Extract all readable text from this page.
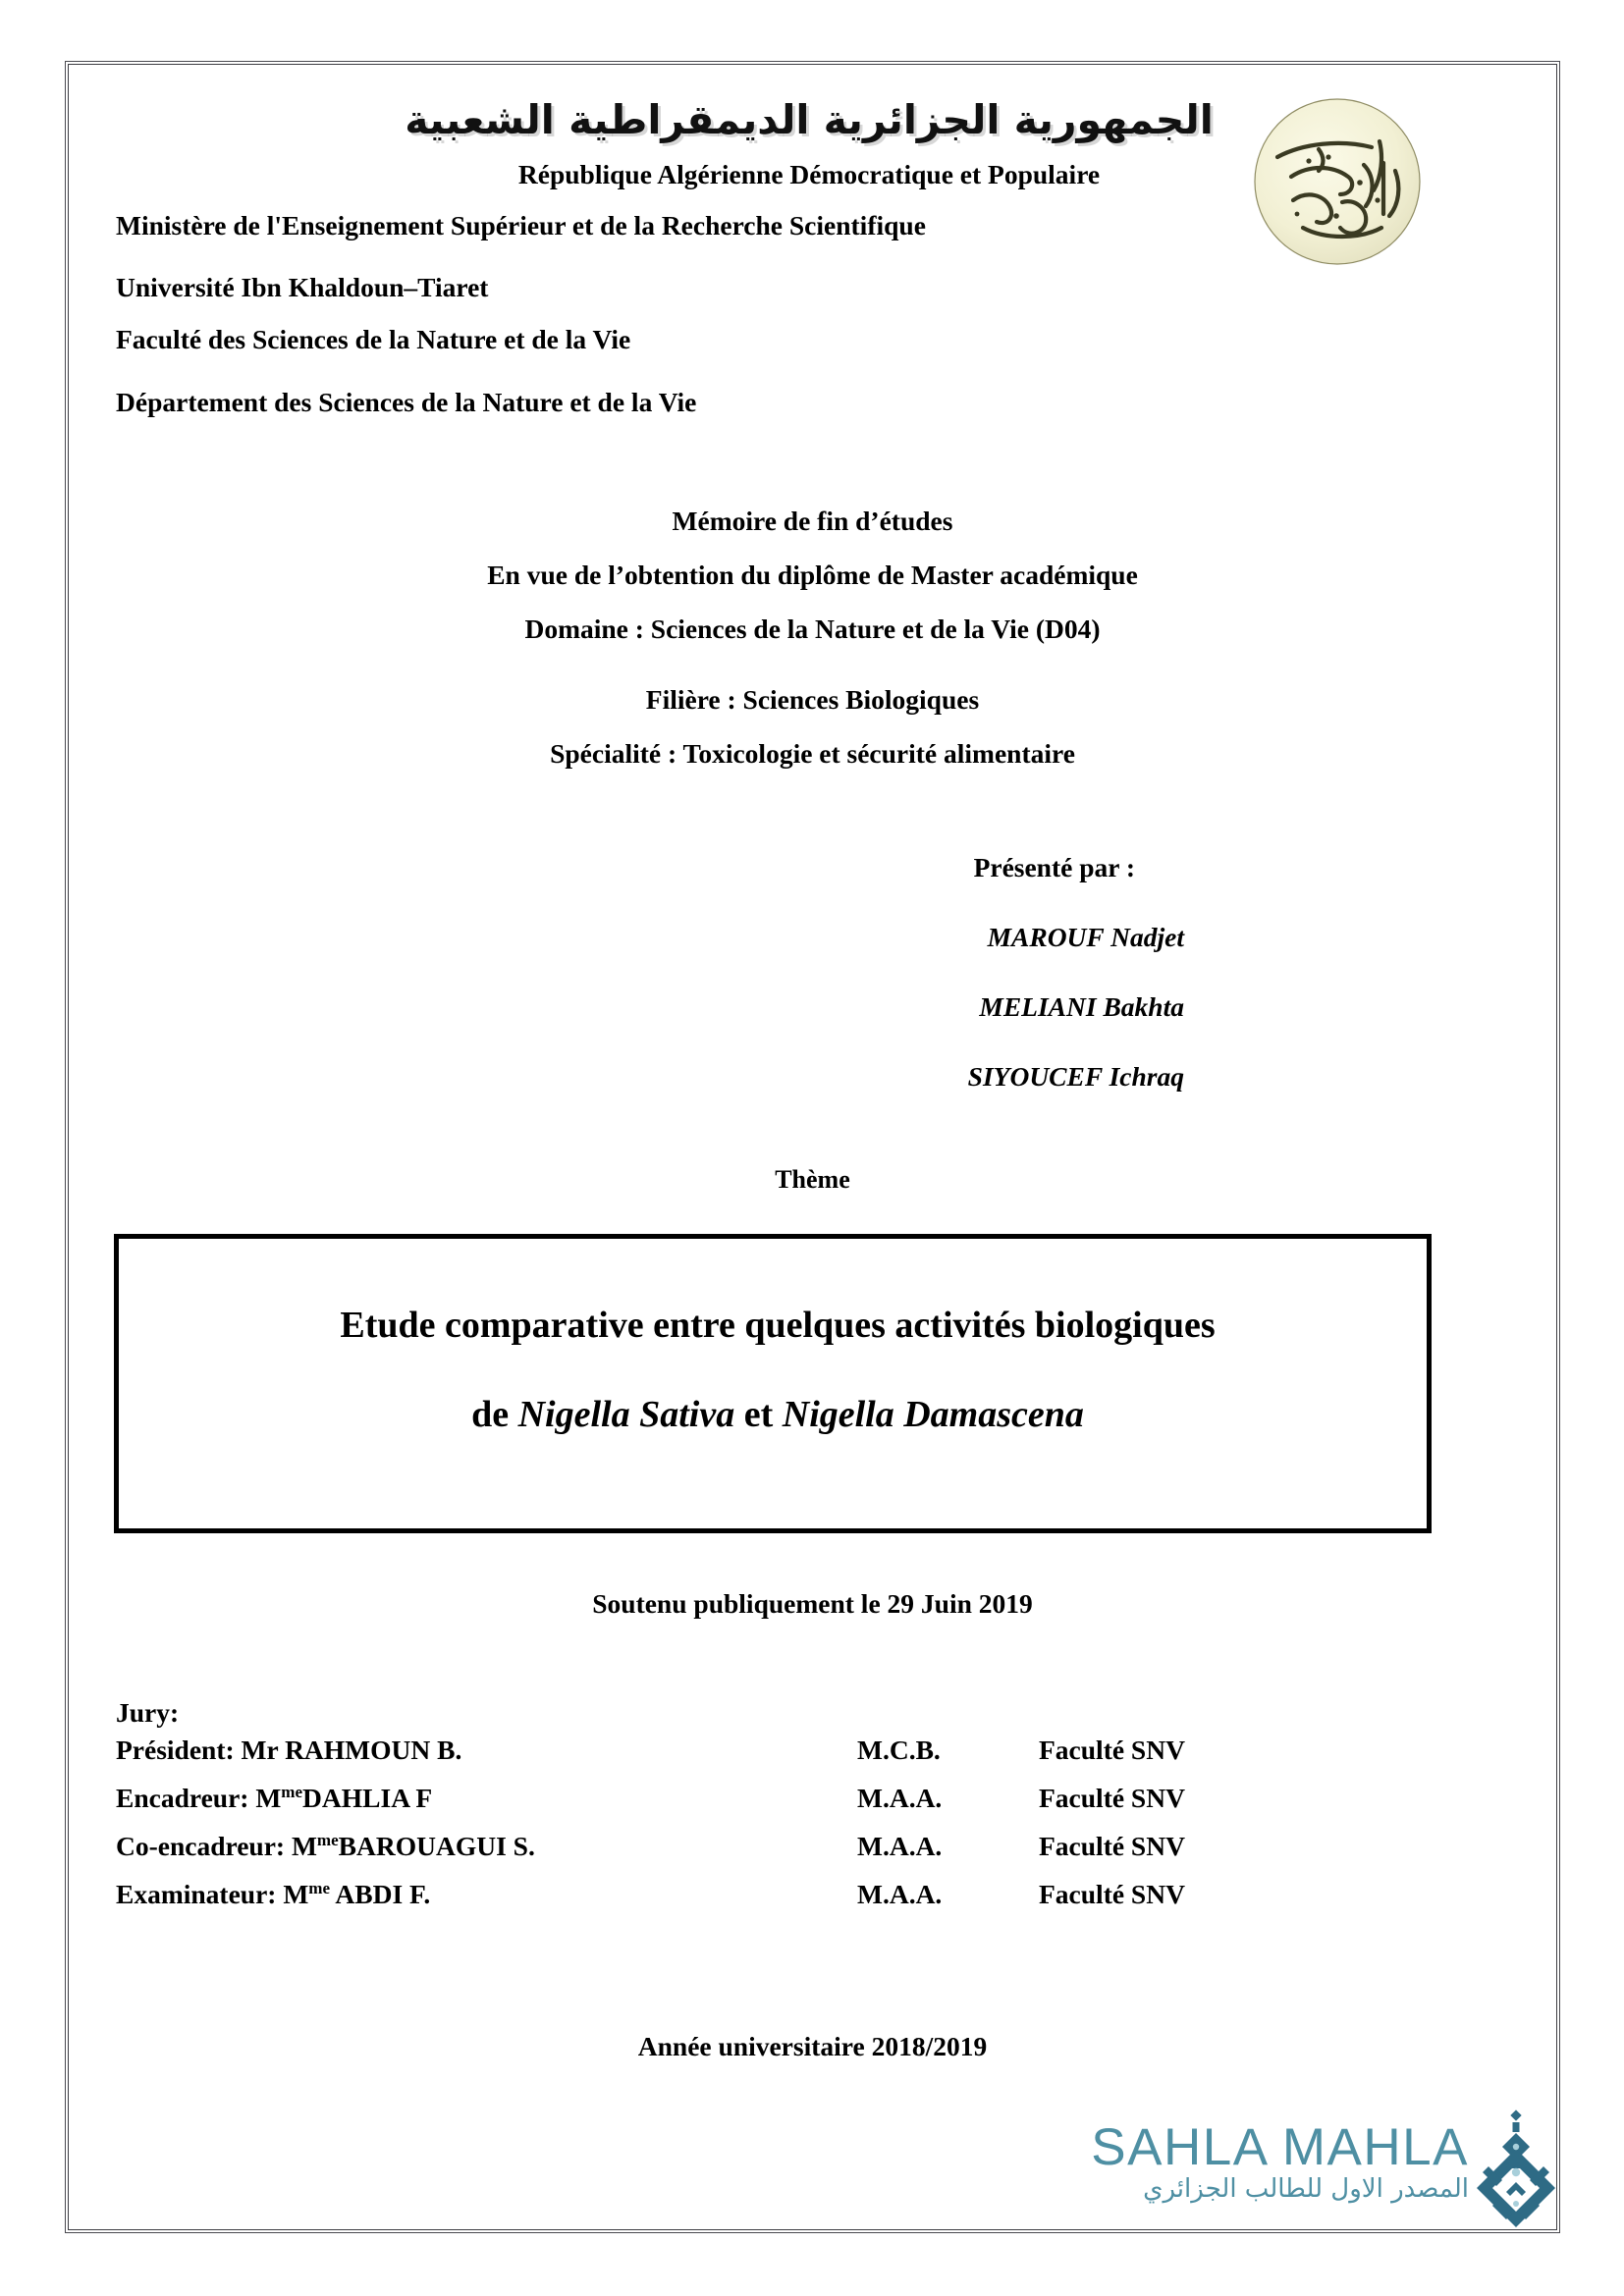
الجمهورية الجزائرية الديمقراطية الشعبية
République Algérienne Démocratique et Populaire
Ministère de l'Enseignement Supérieur et de la Recherche Scientifique
Université Ibn Khaldoun–Tiaret
Faculté des Sciences de la Nature et de la Vie
Département des Sciences de la Nature et de la Vie
Mémoire de fin d’études
En vue de l’obtention du diplôme de Master académique
Domaine : Sciences de la Nature et de la Vie (D04)
Filière : Sciences Biologiques
Spécialité : Toxicologie et sécurité alimentaire
Présenté par :
MAROUF Nadjet
MELIANI Bakhta
SIYOUCEF Ichraq
Thème
Etude comparative entre quelques activités biologiques
de Nigella Sativa et Nigella Damascena
Soutenu publiquement le 29 Juin 2019
Jury:
Président: Mr RAHMOUN B.	M.C.B.	Faculté SNV
Encadreur: $M^{me}DAHLIA$ F	M.A.A.	Faculté SNV
Co-encadreur: $M^{me}BAROUAGUI$ S.	M.A.A.	Faculté SNV
Examinateur: $M^{me}$ ABDI F.	M.A.A.	Faculté SNV
Année universitaire 2018/2019
SAHLA MAHLA
المصدر الاول للطالب الجزائري
